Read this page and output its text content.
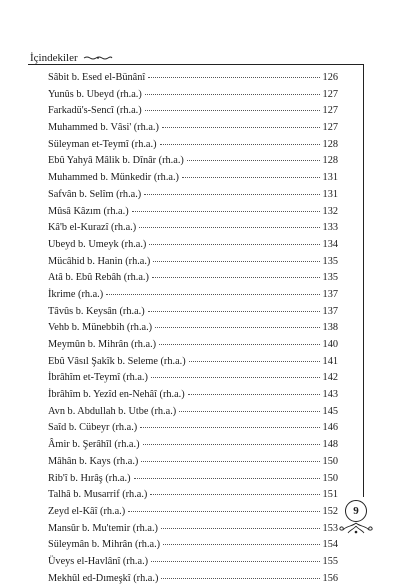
İçindekiler
Sâbit b. Esed el-Bünânî	126
Yunûs b. Ubeyd (rh.a.)	127
Farkadü's-Sencî (rh.a.)	127
Muhammed b. Vâsi' (rh.a.)	127
Süleyman et-Teymî (rh.a.)	128
Ebû Yahyâ Mâlik b. Dînâr (rh.a.)	128
Muhammed b. Münkedir (rh.a.)	131
Safvân b. Selîm (rh.a.)	131
Mûsâ Kâzım (rh.a.)	132
Kâ'b el-Kurazî (rh.a.)	133
Ubeyd b. Umeyk (rh.a.)	134
Mücâhid b. Hanin (rh.a.)	135
Atâ b. Ebû Rebâh (rh.a.)	135
İkrime (rh.a.)	137
Tâvûs b. Keysân (rh.a.)	137
Vehb b. Münebbih (rh.a.)	138
Meymûn b. Mihrân (rh.a.)	140
Ebû Vâsıl Şakîk b. Seleme (rh.a.)	141
İbrâhîm et-Teymî (rh.a.)	142
İbrâhîm b. Yezîd en-Nehâî (rh.a.)	143
Avn b. Abdullah b. Utbe (rh.a.)	145
Saîd b. Cübeyr (rh.a.)	146
Âmir b. Şerâhîl (rh.a.)	148
Mâhân b. Kays (rh.a.)	150
Rib'î b. Hırâş (rh.a.)	150
Talhâ b. Musarrif (rh.a.)	151
Zeyd el-Kâî (rh.a.)	152
Mansûr b. Mu'temir (rh.a.)	153
Süleymân b. Mihrân (rh.a.)	154
Üveys el-Havlânî (rh.a.)	155
Mekhûl ed-Dımeşkî (rh.a.)	156
9
